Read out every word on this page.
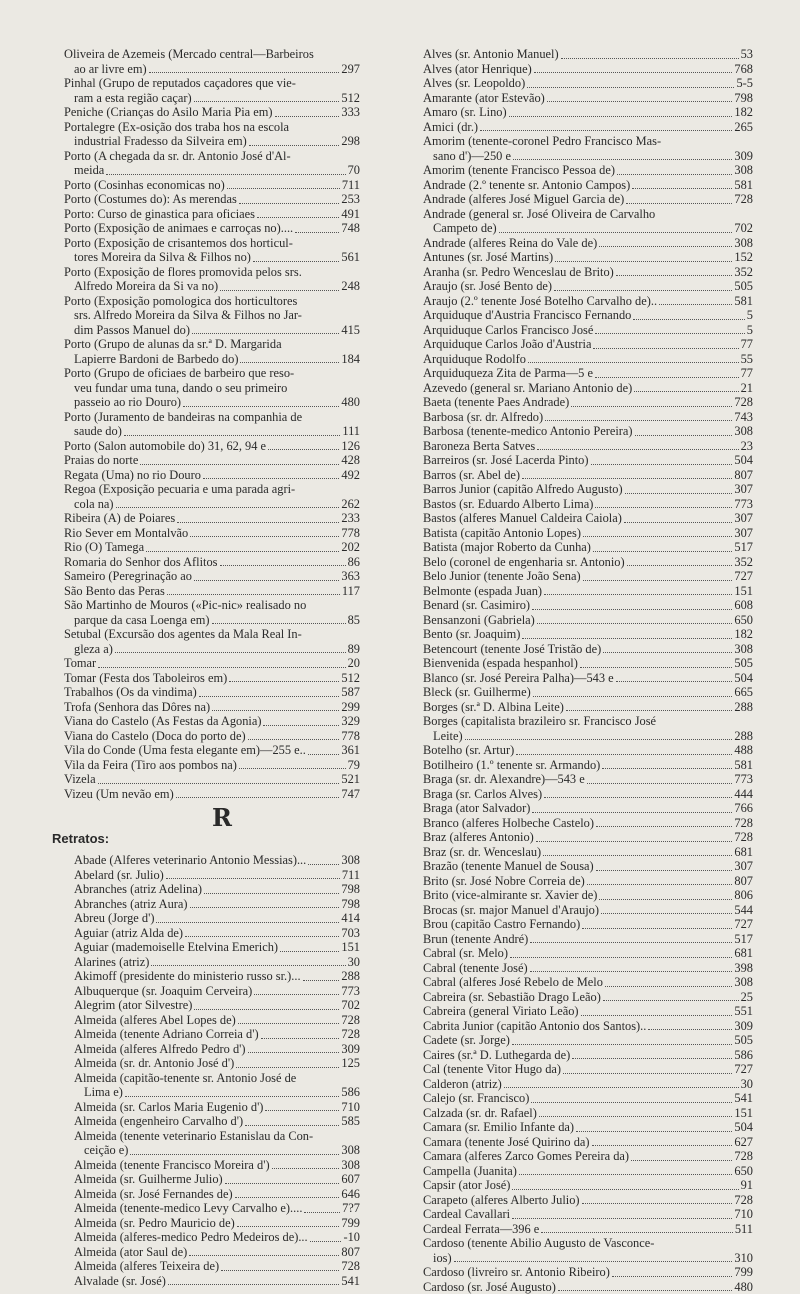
Oliveira de Azemeis (Mercado central—Barbeiros
ao ar livre em)	297
Pinhal (Grupo de reputados caçadores que vie-
ram a esta região caçar)	512
Peniche (Crianças do Asilo Maria Pia em)	333
Portalegre (Ex‑osição dos traba hos na escola
industrial Fradesso da Silveira em)	298
Porto (A chegada da sr. dr. Antonio José d'Al-
meida	70
Porto (Cosinhas economicas no)	711
Porto (Costumes do): As merendas	253
Porto: Curso de ginastica para oficiaes	491
Porto (Exposição de animaes e carroças no)....	748
Porto (Exposição de crisantemos dos horticul-
tores Moreira da Silva & Filhos no)	561
Porto (Exposição de flores promovida pelos srs.
Alfredo Moreira da Si va no)	248
Porto (Exposição pomologica dos horticultores
srs. Alfredo Moreira da Silva & Filhos no Jar-
dim Passos Manuel do)	415
Porto (Grupo de alunas da sr.ª D. Margarida
Lapierre Bardoni de Barbedo do)	184
Porto (Grupo de oficiaes de barbeiro que reso-
veu fundar uma tuna, dando o seu primeiro
passeio ao rio Douro)	480
Porto (Juramento de bandeiras na companhia de
saude do)	111
Porto (Salon automobile do) 31, 62, 94 e	126
Praias do norte	428
Regata (Uma) no rio Douro	492
Regoa (Exposição pecuaria e uma parada agri-
cola na)	262
Ribeira (A) de Poiares	233
Rio Sever em Montalvão	778
Rio (O) Tamega	202
Romaria do Senhor dos Aflitos	86
Sameiro (Peregrinação ao	363
São Bento das Peras	117
São Martinho de Mouros («Pic-nic» realisado no
parque da casa Loenga em)	85
Setubal (Excursão dos agentes da Mala Real In-
gleza a)	89
Tomar	20
Tomar (Festa dos Taboleiros em)	512
Trabalhos (Os da vindima)	587
Trofa (Senhora das Dôres na)	299
Viana do Castelo (As Festas da Agonia)	329
Viana do Castelo (Doca do porto de)	778
Vila do Conde (Uma festa elegante em)—255 e..	361
Vila da Feira (Tiro aos pombos na)	79
Vizela	521
Vizeu (Um nevão em)	747
R
Retratos:
Abade (Alferes veterinario Antonio Messias)...	308
Abelard (sr. Julio)	711
Abranches (atriz Adelina)	798
Abranches (atriz Aura)	798
Abreu (Jorge d')	414
Aguiar (atriz Alda de)	703
Aguiar (mademoiselle Etelvina Emerich)	151
Alarines (atriz)	30
Akimoff (presidente do ministerio russo sr.)...	288
Albuquerque (sr. Joaquim Cerveira)	773
Alegrim (ator Silvestre)	702
Almeida (alferes Abel Lopes de)	728
Almeida (tenente Adriano Correia d')	728
Almeida (alferes Alfredo Pedro d')	309
Almeida (sr. dr. Antonio José d')	125
Almeida (capitão-tenente sr. Antonio José de
Lima e)	586
Almeida (sr. Carlos Maria Eugenio d')	710
Almeida (engenheiro Carvalho d')	585
Almeida (tenente veterinario Estanislau da Con-
ceição e)	308
Almeida (tenente Francisco Moreira d')	308
Almeida (sr. Guilherme Julio)	607
Almeida (sr. José Fernandes de)	646
Almeida (tenente-medico Levy Carvalho e)....	7?7
Almeida (sr. Pedro Mauricio de)	799
Almeida (alferes-medico Pedro Medeiros de)...	‑10
Almeida (ator Saul de)	807
Almeida (alferes Teixeira de)	728
Alvalade (sr. José)	541
Alves (sr. Antonio Manuel)	53
Alves (ator Henrique)	768
Alves (sr. Leopoldo)	5‑5
Amarante (ator Estevão)	798
Amaro (sr. Lino)	182
Amici (dr.)	265
Amorim (tenente-coronel Pedro Francisco Mas-
sano d')—250 e	309
Amorim (tenente Francisco Pessoa de)	308
Andrade (2.º tenente sr. Antonio Campos)	581
Andrade (alferes José Miguel Garcia de)	728
Andrade (general sr. José Oliveira de Carvalho
Campeto de)	702
Andrade (alferes Reina do Vale de)	308
Antunes (sr. José Martins)	152
Aranha (sr. Pedro Wenceslau de Brito)	352
Araujo (sr. José Bento de)	505
Araujo (2.º tenente José Botelho Carvalho de)..	581
Arquiduque d'Austria Francisco Fernando	5
Arquiduque Carlos Francisco José	5
Arquiduque Carlos João d'Austria	77
Arquiduque Rodolfo	55
Arquiduqueza Zita de Parma—5 e	77
Azevedo (general sr. Mariano Antonio de)	21
Baeta (tenente Paes Andrade)	728
Barbosa (sr. dr. Alfredo)	743
Barbosa (tenente-medico Antonio Pereira)	308
Baroneza Berta Satves	23
Barreiros (sr. José Lacerda Pinto)	504
Barros (sr. Abel de)	807
Barros Junior (capitão Alfredo Augusto)	307
Bastos (sr. Eduardo Alberto Lima)	773
Bastos (alferes Manuel Caldeira Caiola)	307
Batista (capitão Antonio Lopes)	307
Batista (major Roberto da Cunha)	517
Belo (coronel de engenharia sr. Antonio)	352
Belo Junior (tenente João Sena)	727
Belmonte (espada Juan)	151
Benard (sr. Casimiro)	608
Bensanzoni (Gabriela)	650
Bento (sr. Joaquim)	182
Betencourt (tenente José Tristão de)	308
Bienvenida (espada hespanhol)	505
Blanco (sr. José Pereira Palha)—543 e	504
Bleck (sr. Guilherme)	665
Borges (sr.ª D. Albina Leite)	288
Borges (capitalista brazileiro sr. Francisco José
Leite)	288
Botelho (sr. Artur)	488
Botilheiro (1.º tenente sr. Armando)	581
Braga (sr. dr. Alexandre)—543 e	773
Braga (sr. Carlos Alves)	444
Braga (ator Salvador)	766
Branco (alferes Holbeche Castelo)	728
Braz (alferes Antonio)	728
Braz (sr. dr. Wenceslau)	681
Brazão (tenente Manuel de Sousa)	307
Brito (sr. José Nobre Correia de)	807
Brito (vice-almirante sr. Xavier de)	806
Brocas (sr. major Manuel d'Araujo)	544
Brou (capitão Castro Fernando)	727
Brun (tenente André)	517
Cabral (sr. Melo)	681
Cabral (tenente José)	398
Cabral (alferes José Rebelo de Melo	308
Cabreira (sr. Sebastião Drago Leão)	25
Cabreira (general Viriato Leão)	551
Cabrita Junior (capitão Antonio dos Santos)..	309
Cadete (sr. Jorge)	505
Caires (sr.ª D. Luthegarda de)	586
Cal (tenente Vitor Hugo da)	727
Calderon (atriz)	30
Calejo (sr. Francisco)	541
Calzada (sr. dr. Rafael)	151
Camara (sr. Emilio Infante da)	504
Camara (tenente José Quirino da)	627
Camara (alferes Zarco Gomes Pereira da)	728
Campella (Juanita)	650
Capsir (ator José)	91
Carapeto (alferes Alberto Julio)	728
Cardeal Cavallari	710
Cardeal Ferrata—396 e	511
Cardoso (tenente Abilio Augusto de Vasconce-
ios)	310
Cardoso (livreiro sr. Antonio Ribeiro)	799
Cardoso (sr. José Augusto)	480
